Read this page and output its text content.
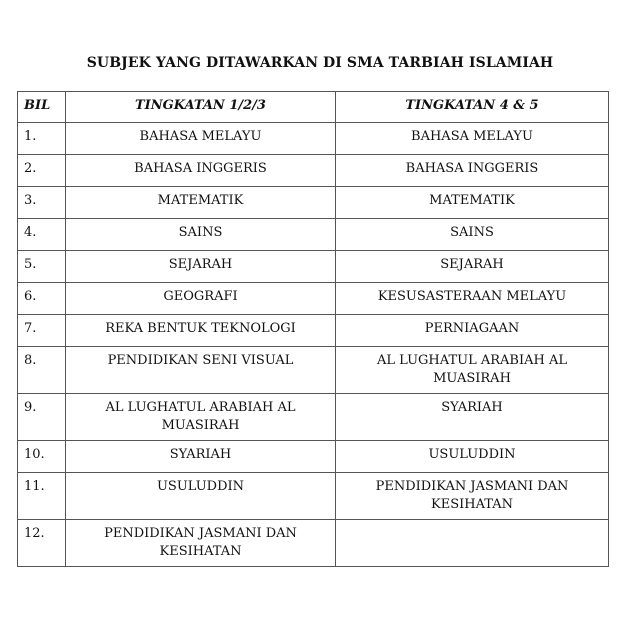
SUBJEK YANG DITAWARKAN DI SMA TARBIAH ISLAMIAH
BIL	TINGKATAN 1/2/3	TINGKATAN 4 & 5
1.	BAHASA MELAYU	BAHASA MELAYU
2.	BAHASA INGGERIS	BAHASA INGGERIS
3.	MATEMATIK	MATEMATIK
4.	SAINS	SAINS
5.	SEJARAH	SEJARAH
6.	GEOGRAFI	KESUSASTERAAN MELAYU
7.	REKA BENTUK TEKNOLOGI	PERNIAGAAN
8.	PENDIDIKAN SENI VISUAL	AL LUGHATUL ARABIAH AL MUASIRAH
9.	AL LUGHATUL ARABIAH AL MUASIRAH	SYARIAH
10.	SYARIAH	USULUDDIN
11.	USULUDDIN	PENDIDIKAN JASMANI DAN KESIHATAN
12.	PENDIDIKAN JASMANI DAN KESIHATAN	
